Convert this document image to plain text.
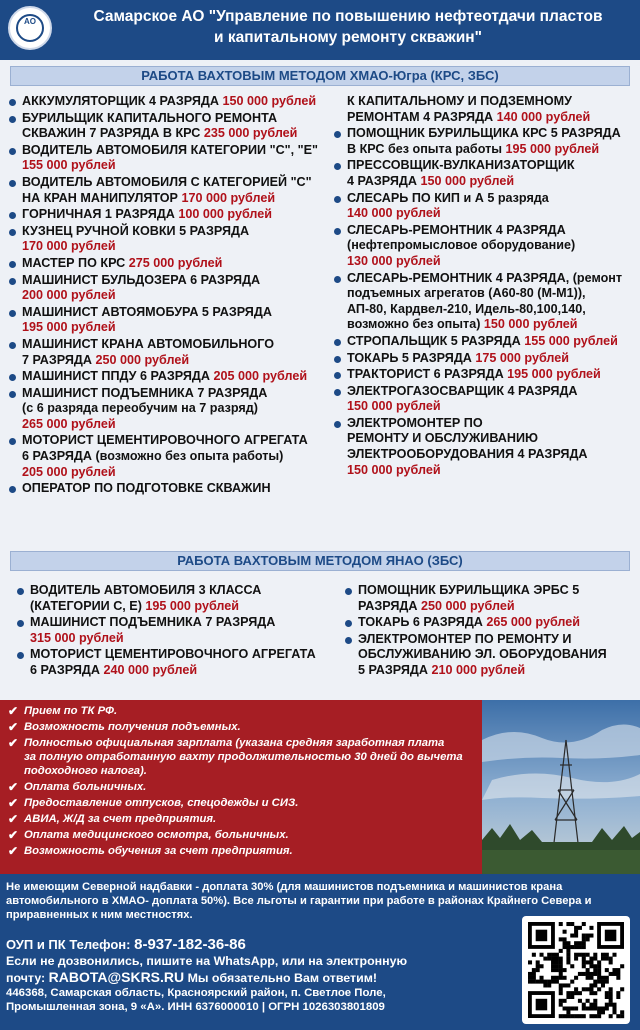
АО	Самарское АО "Управление по повышению нефтеотдачи пластов
и капитальному ремонту скважин"
РАБОТА ВАХТОВЫМ МЕТОДОМ ХМАО-Югра (КРС, ЗБС)
АККУМУЛЯТОРЩИК 4 РАЗРЯДА 150 000 рублей
БУРИЛЬЩИК КАПИТАЛЬНОГО РЕМОНТА
СКВАЖИН 7 РАЗРЯДА В КРС 235 000 рублей
ВОДИТЕЛЬ АВТОМОБИЛЯ КАТЕГОРИИ "С", "Е"
155 000 рублей
ВОДИТЕЛЬ АВТОМОБИЛЯ С КАТЕГОРИЕЙ "С"
НА КРАН МАНИПУЛЯТОР 170 000 рублей
ГОРНИЧНАЯ 1 РАЗРЯДА 100 000 рублей
КУЗНЕЦ РУЧНОЙ КОВКИ 5 РАЗРЯДА
170 000 рублей
МАСТЕР ПО КРС 275 000 рублей
МАШИНИСТ БУЛЬДОЗЕРА 6 РАЗРЯДА
200 000 рублей
МАШИНИСТ АВТОЯМОБУРА 5 РАЗРЯДА
195 000 рублей
МАШИНИСТ КРАНА АВТОМОБИЛЬНОГО
7 РАЗРЯДА 250 000 рублей
МАШИНИСТ ППДУ 6 РАЗРЯДА 205 000 рублей
МАШИНИСТ ПОДЪЕМНИКА 7 РАЗРЯДА
(с 6 разряда переобучим на 7 разряд)
265 000 рублей
МОТОРИСТ ЦЕМЕНТИРОВОЧНОГО АГРЕГАТА
6 РАЗРЯДА (возможно без опыта работы)
205 000 рублей
ОПЕРАТОР ПО ПОДГОТОВКЕ СКВАЖИН
К КАПИТАЛЬНОМУ И ПОДЗЕМНОМУ
РЕМОНТАМ 4 РАЗРЯДА 140 000 рублей
ПОМОЩНИК БУРИЛЬЩИКА КРС 5 РАЗРЯДА
В КРС без опыта работы 195 000 рублей
ПРЕССОВЩИК-ВУЛКАНИЗАТОРЩИК
4 РАЗРЯДА 150 000 рублей
СЛЕСАРЬ ПО КИП и А 5 разряда
140 000 рублей
СЛЕСАРЬ-РЕМОНТНИК 4 РАЗРЯДА
(нефтепромысловое оборудование)
130 000 рублей
СЛЕСАРЬ-РЕМОНТНИК 4 РАЗРЯДА, (ремонт
подъемных агрегатов (А60-80 (М-М1)),
АП-80, Кардвел-210, Идель-80,100,140,
возможно без опыта) 150 000 рублей
СТРОПАЛЬЩИК 5 РАЗРЯДА 155 000 рублей
ТОКАРЬ 5 РАЗРЯДА 175 000 рублей
ТРАКТОРИСТ 6 РАЗРЯДА 195 000 рублей
ЭЛЕКТРОГАЗОСВАРЩИК 4 РАЗРЯДА
150 000 рублей
ЭЛЕКТРОМОНТЕР ПО
РЕМОНТУ И ОБСЛУЖИВАНИЮ
ЭЛЕКТРООБОРУДОВАНИЯ 4 РАЗРЯДА
150 000 рублей
РАБОТА ВАХТОВЫМ МЕТОДОМ ЯНАО (ЗБС)
ВОДИТЕЛЬ АВТОМОБИЛЯ 3 КЛАССА
(КАТЕГОРИИ С, Е) 195 000 рублей
МАШИНИСТ ПОДЪЕМНИКА 7 РАЗРЯДА
315 000 рублей
МОТОРИСТ ЦЕМЕНТИРОВОЧНОГО АГРЕГАТА
6 РАЗРЯДА 240 000 рублей
ПОМОЩНИК БУРИЛЬЩИКА ЭРБС 5
РАЗРЯДА 250 000 рублей
ТОКАРЬ 6 РАЗРЯДА 265 000 рублей
ЭЛЕКТРОМОНТЕР ПО РЕМОНТУ И
ОБСЛУЖИВАНИЮ ЭЛ. ОБОРУДОВАНИЯ
5 РАЗРЯДА 210 000 рублей
✔ Прием по ТК РФ.
✔ Возможность получения подъемных.
✔ Полностью официальная зарплата (указана средняя заработная плата
за полную отработанную вахту продолжительностью 30 дней до вычета
подоходного налога).
✔ Оплата больничных.
✔ Предоставление отпусков, спецодежды и СИЗ.
✔ АВИА, Ж/Д за счет предприятия.
✔ Оплата медицинского осмотра, больничных.
✔ Возможность обучения за счет предприятия.
Не имеющим Северной надбавки - доплата 30% (для машинистов подъемника и машинистов крана автомобильного в ХМАО- доплата 50%). Все льготы и гарантии при работе в районах Крайнего Севера и приравненных к ним местностях.
ОУП и ПК Телефон: 8-937-182-36-86
Если не дозвонились, пишите на WhatsApp, или на электронную
почту: RABOTA@SKRS.RU Мы обязательно Вам ответим!
446368, Самарская область, Красноярский район, п. Светлое Поле,
Промышленная зона, 9 «А». ИНН 6376000010 | ОГРН 1026303801809
